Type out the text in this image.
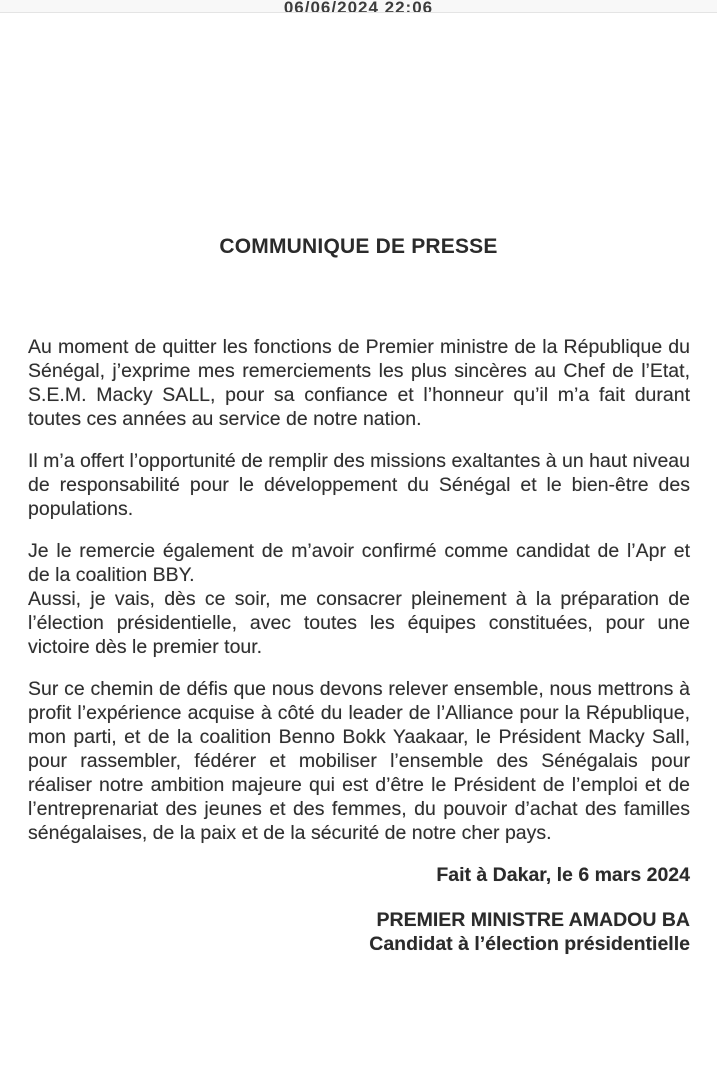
06/06/2024 22:06
COMMUNIQUE DE PRESSE

Au moment de quitter les fonctions de Premier ministre de la République du Sénégal, j’exprime mes remerciements les plus sincères au Chef de l’Etat, S.E.M. Macky SALL, pour sa confiance et l’honneur qu’il m’a fait durant toutes ces années au service de notre nation.

Il m’a offert l’opportunité de remplir des missions exaltantes à un haut niveau de responsabilité pour le développement du Sénégal et le bien-être des populations.

Je le remercie également de m’avoir confirmé comme candidat de l’Apr et de la coalition BBY.

Aussi, je vais, dès ce soir, me consacrer pleinement à la préparation de l’élection présidentielle, avec toutes les équipes constituées, pour une victoire dès le premier tour.

Sur ce chemin de défis que nous devons relever ensemble, nous mettrons à profit l’expérience acquise à côté du leader de l’Alliance pour la République, mon parti, et de la coalition Benno Bokk Yaakaar, le Président Macky Sall, pour rassembler, fédérer et mobiliser l’ensemble des Sénégalais pour réaliser notre ambition majeure qui est d’être le Président de l’emploi et de l’entreprenariat des jeunes et des femmes, du pouvoir d’achat des familles sénégalaises, de la paix et de la sécurité de notre cher pays.

Fait à Dakar, le 6 mars 2024

PREMIER MINISTRE AMADOU BA
Candidat à l’élection présidentielle
